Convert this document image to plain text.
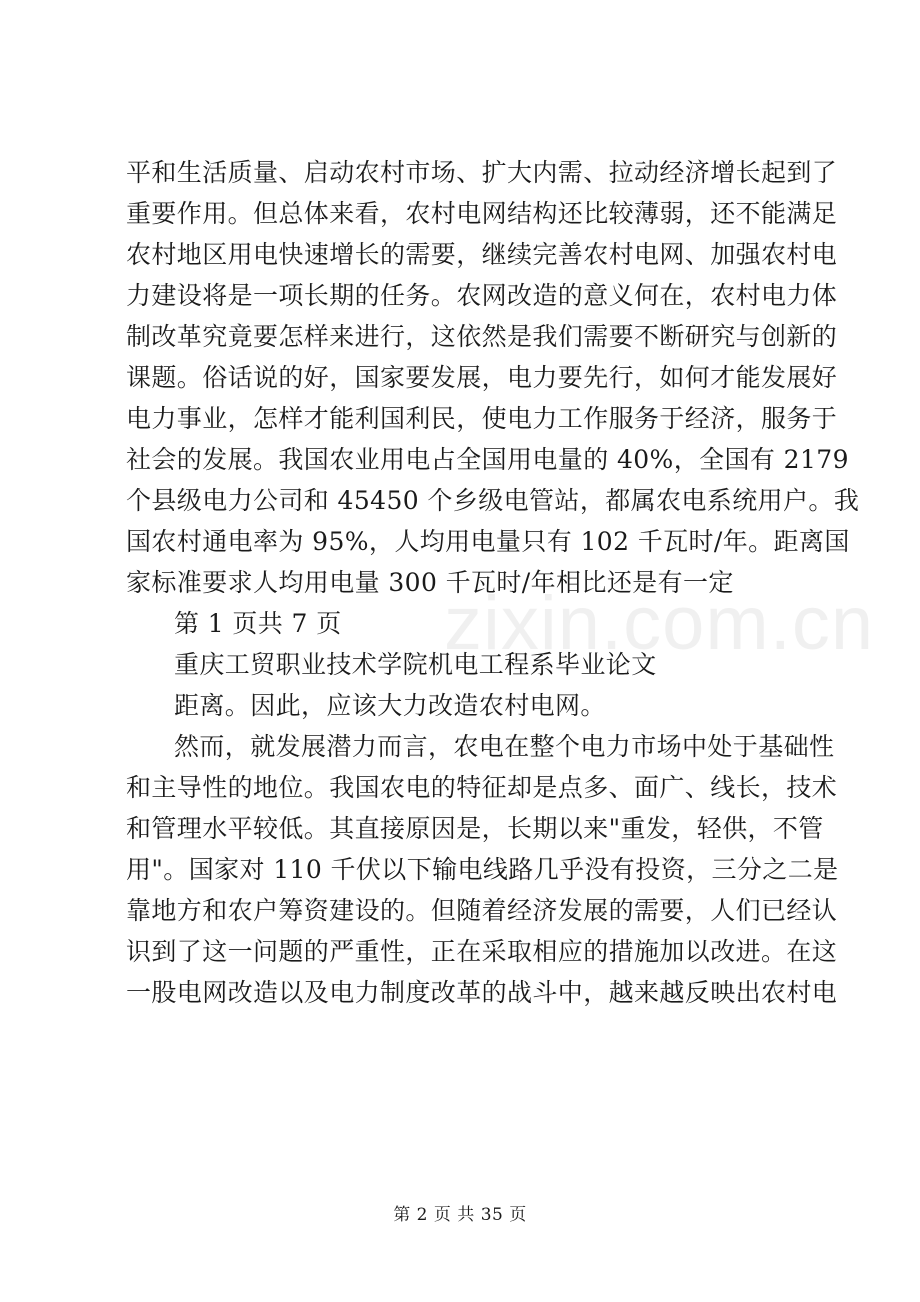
zixin.com.cn
平和生活质量、启动农村市场、扩大内需、拉动经济增长起到了
重要作用。但总体来看，农村电网结构还比较薄弱，还不能满足
农村地区用电快速增长的需要，继续完善农村电网、加强农村电
力建设将是一项长期的任务。农网改造的意义何在，农村电力体
制改革究竟要怎样来进行，这依然是我们需要不断研究与创新的
课题。俗话说的好，国家要发展，电力要先行，如何才能发展好
电力事业，怎样才能利国利民，使电力工作服务于经济，服务于
社会的发展。我国农业用电占全国用电量的 40%，全国有 2179
个县级电力公司和 45450 个乡级电管站，都属农电系统用户。我
国农村通电率为 95%，人均用电量只有 102 千瓦时/年。距离国
家标准要求人均用电量 300 千瓦时/年相比还是有一定
第 1 页共 7 页
重庆工贸职业技术学院机电工程系毕业论文
距离。因此，应该大力改造农村电网。
然而，就发展潜力而言，农电在整个电力市场中处于基础性
和主导性的地位。我国农电的特征却是点多、面广、线长，技术
和管理水平较低。其直接原因是，长期以来"重发，轻供，不管
用"。国家对 110 千伏以下输电线路几乎没有投资，三分之二是
靠地方和农户筹资建设的。但随着经济发展的需要，人们已经认
识到了这一问题的严重性，正在采取相应的措施加以改进。在这
一股电网改造以及电力制度改革的战斗中，越来越反映出农村电
第 2 页 共 35 页
